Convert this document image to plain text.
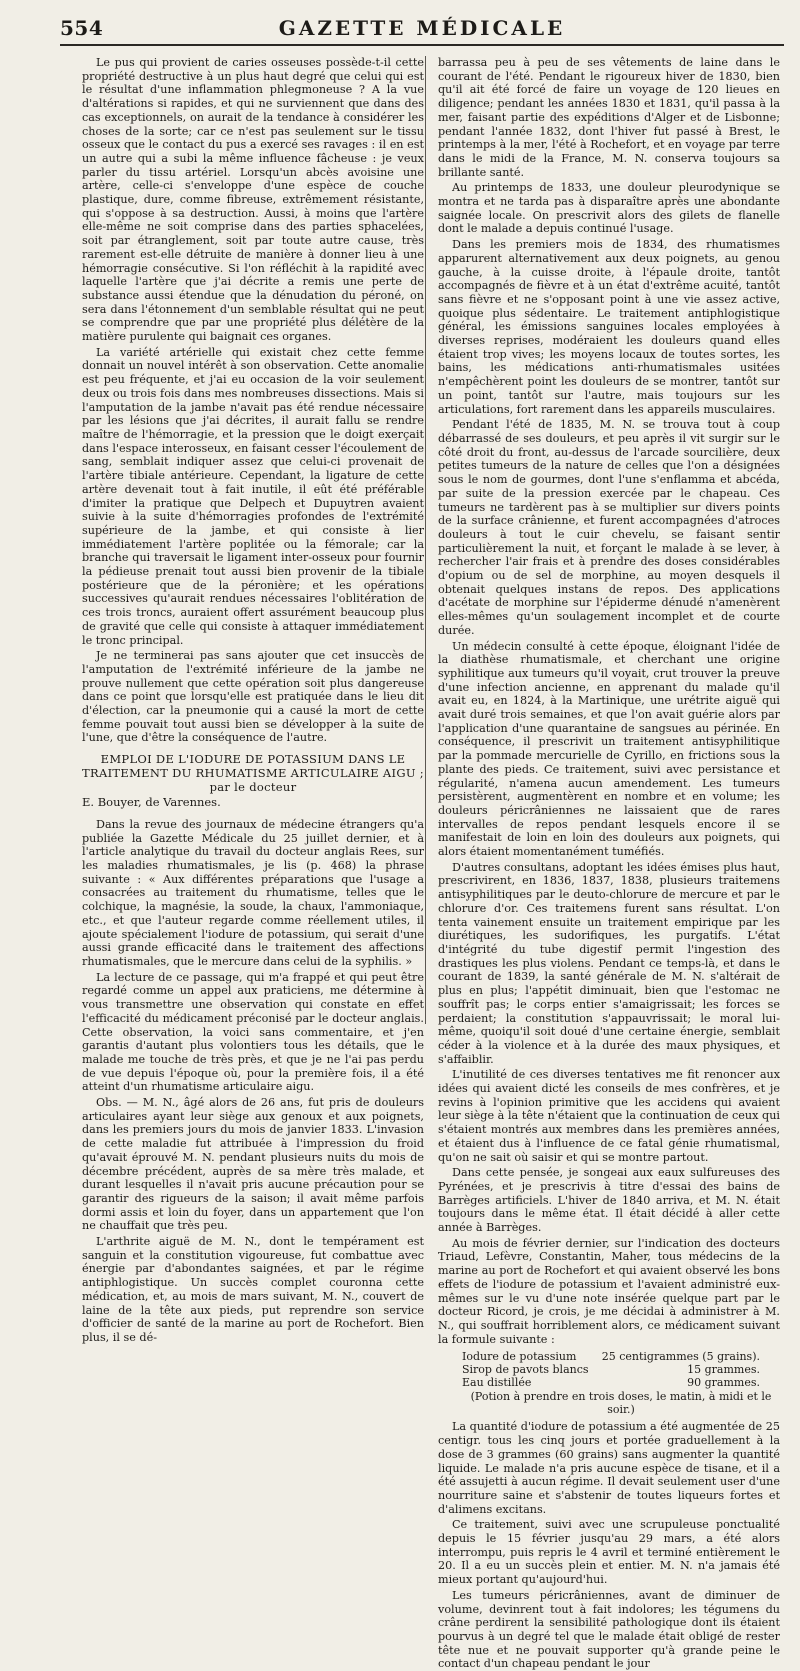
554	GAZETTE MÉDICALE

Le pus qui provient de caries osseuses possède-t-il cette propriété destructive à un plus haut degré que celui qui est le résultat d'une inflammation phlegmoneuse ? A la vue d'altérations si rapides, et qui ne surviennent que dans des cas exceptionnels, on aurait de la tendance à considérer les choses de la sorte; car ce n'est pas seulement sur le tissu osseux que le contact du pus a exercé ses ravages : il en est un autre qui a subi la même influence fâcheuse : je veux parler du tissu artériel. Lorsqu'un abcès avoisine une artère, celle-ci s'enveloppe d'une espèce de couche plastique, dure, comme fibreuse, extrêmement résistante, qui s'oppose à sa destruction. Aussi, à moins que l'artère elle-même ne soit comprise dans des parties sphacelées, soit par étranglement, soit par toute autre cause, très rarement est-elle détruite de manière à donner lieu à une hémorragie consécutive. Si l'on réfléchit à la rapidité avec laquelle l'artère que j'ai décrite a remis une perte de substance aussi étendue que la dénudation du péroné, on sera dans l'étonnement d'un semblable résultat qui ne peut se comprendre que par une propriété plus délétère de la matière purulente qui baignait ces organes.

La variété artérielle qui existait chez cette femme donnait un nouvel intérêt à son observation. Cette anomalie est peu fréquente, et j'ai eu occasion de la voir seulement deux ou trois fois dans mes nombreuses dissections. Mais si l'amputation de la jambe n'avait pas été rendue nécessaire par les lésions que j'ai décrites, il aurait fallu se rendre maître de l'hémorragie, et la pression que le doigt exerçait dans l'espace interosseux, en faisant cesser l'écoulement de sang, semblait indiquer assez que celui-ci provenait de l'artère tibiale antérieure. Cependant, la ligature de cette artère devenait tout à fait inutile, il eût été préférable d'imiter la pratique que Delpech et Dupuytren avaient suivie à la suite d'hémorragies profondes de l'extrémité supérieure de la jambe, et qui consiste à lier immédiatement l'artère poplitée ou la fémorale; car la branche qui traversait le ligament inter-osseux pour fournir la pédieuse prenait tout aussi bien provenir de la tibiale postérieure que de la péronière; et les opérations successives qu'aurait rendues nécessaires l'oblitération de ces trois troncs, auraient offert assurément beaucoup plus de gravité que celle qui consiste à attaquer immédiatement le tronc principal.

Je ne terminerai pas sans ajouter que cet insuccès de l'amputation de l'extrémité inférieure de la jambe ne prouve nullement que cette opération soit plus dangereuse dans ce point que lorsqu'elle est pratiquée dans le lieu dit d'élection, car la pneumonie qui a causé la mort de cette femme pouvait tout aussi bien se développer à la suite de l'une, que d'être la conséquence de l'autre.

EMPLOI DE L'IODURE DE POTASSIUM DANS LE TRAITEMENT DU RHUMATISME ARTICULAIRE AIGU ; par le docteur
E. Bouyer, de Varennes.

Dans la revue des journaux de médecine étrangers qu'a publiée la Gazette Médicale du 25 juillet dernier, et à l'article analytique du travail du docteur anglais Rees, sur les maladies rhumatismales, je lis (p. 468) la phrase suivante : « Aux différentes préparations que l'usage a consacrées au traitement du rhumatisme, telles que le colchique, la magnésie, la soude, la chaux, l'ammoniaque, etc., et que l'auteur regarde comme réellement utiles, il ajoute spécialement l'iodure de potassium, qui serait d'une aussi grande efficacité dans le traitement des affections rhumatismales, que le mercure dans celui de la syphilis. »

La lecture de ce passage, qui m'a frappé et qui peut être regardé comme un appel aux praticiens, me détermine à vous transmettre une observation qui constate en effet l'efficacité du médicament préconisé par le docteur anglais. Cette observation, la voici sans commentaire, et j'en garantis d'autant plus volontiers tous les détails, que le malade me touche de très près, et que je ne l'ai pas perdu de vue depuis l'époque où, pour la première fois, il a été atteint d'un rhumatisme articulaire aigu.

Obs. — M. N., âgé alors de 26 ans, fut pris de douleurs articulaires ayant leur siège aux genoux et aux poignets, dans les premiers jours du mois de janvier 1833. L'invasion de cette maladie fut attribuée à l'impression du froid qu'avait éprouvé M. N. pendant plusieurs nuits du mois de décembre précédent, auprès de sa mère très malade, et durant lesquelles il n'avait pris aucune précaution pour se garantir des rigueurs de la saison; il avait même parfois dormi assis et loin du foyer, dans un appartement que l'on ne chauffait que très peu.

L'arthrite aiguë de M. N., dont le tempérament est sanguin et la constitution vigoureuse, fut combattue avec énergie par d'abondantes saignées, et par le régime antiphlogistique. Un succès complet couronna cette médication, et, au mois de mars suivant, M. N., couvert de laine de la tête aux pieds, put reprendre son service d'officier de santé de la marine au port de Rochefort. Bien plus, il se dé-

barrassa peu à peu de ses vêtements de laine dans le courant de l'été. Pendant le rigoureux hiver de 1830, bien qu'il ait été forcé de faire un voyage de 120 lieues en diligence; pendant les années 1830 et 1831, qu'il passa à la mer, faisant partie des expéditions d'Alger et de Lisbonne; pendant l'année 1832, dont l'hiver fut passé à Brest, le printemps à la mer, l'été à Rochefort, et en voyage par terre dans le midi de la France, M. N. conserva toujours sa brillante santé.

Au printemps de 1833, une douleur pleurodynique se montra et ne tarda pas à disparaître après une abondante saignée locale. On prescrivit alors des gilets de flanelle dont le malade a depuis continué l'usage.

Dans les premiers mois de 1834, des rhumatismes apparurent alternativement aux deux poignets, au genou gauche, à la cuisse droite, à l'épaule droite, tantôt accompagnés de fièvre et à un état d'extrême acuité, tantôt sans fièvre et ne s'opposant point à une vie assez active, quoique plus sédentaire. Le traitement antiphlogistique général, les émissions sanguines locales employées à diverses reprises, modéraient les douleurs quand elles étaient trop vives; les moyens locaux de toutes sortes, les bains, les médications anti-rhumatismales usitées n'empêchèrent point les douleurs de se montrer, tantôt sur un point, tantôt sur l'autre, mais toujours sur les articulations, fort rarement dans les appareils musculaires.

Pendant l'été de 1835, M. N. se trouva tout à coup débarrassé de ses douleurs, et peu après il vit surgir sur le côté droit du front, au-dessus de l'arcade sourcilière, deux petites tumeurs de la nature de celles que l'on a désignées sous le nom de gourmes, dont l'une s'enflamma et abcéda, par suite de la pression exercée par le chapeau. Ces tumeurs ne tardèrent pas à se multiplier sur divers points de la surface crânienne, et furent accompagnées d'atroces douleurs à tout le cuir chevelu, se faisant sentir particulièrement la nuit, et forçant le malade à se lever, à rechercher l'air frais et à prendre des doses considérables d'opium ou de sel de morphine, au moyen desquels il obtenait quelques instans de repos. Des applications d'acétate de morphine sur l'épiderme dénudé n'amenèrent elles-mêmes qu'un soulagement incomplet et de courte durée.

Un médecin consulté à cette époque, éloignant l'idée de la diathèse rhumatismale, et cherchant une origine syphilitique aux tumeurs qu'il voyait, crut trouver la preuve d'une infection ancienne, en apprenant du malade qu'il avait eu, en 1824, à la Martinique, une urétrite aiguë qui avait duré trois semaines, et que l'on avait guérie alors par l'application d'une quarantaine de sangsues au périnée. En conséquence, il prescrivit un traitement antisyphilitique par la pommade mercurielle de Cyrillo, en frictions sous la plante des pieds. Ce traitement, suivi avec persistance et régularité, n'amena aucun amendement. Les tumeurs persistèrent, augmentèrent en nombre et en volume; les douleurs péricrâniennes ne laissaient que de rares intervalles de repos pendant lesquels encore il se manifestait de loin en loin des douleurs aux poignets, qui alors étaient momentanément tuméfiés.

D'autres consultans, adoptant les idées émises plus haut, prescrivirent, en 1836, 1837, 1838, plusieurs traitemens antisyphilitiques par le deuto-chlorure de mercure et par le chlorure d'or. Ces traitemens furent sans résultat. L'on tenta vainement ensuite un traitement empirique par les diurétiques, les sudorifiques, les purgatifs. L'état d'intégrité du tube digestif permit l'ingestion des drastiques les plus violens. Pendant ce temps-là, et dans le courant de 1839, la santé générale de M. N. s'altérait de plus en plus; l'appétit diminuait, bien que l'estomac ne souffrît pas; le corps entier s'amaigrissait; les forces se perdaient; la constitution s'appauvrissait; le moral lui-même, quoiqu'il soit doué d'une certaine énergie, semblait céder à la violence et à la durée des maux physiques, et s'affaiblir.

L'inutilité de ces diverses tentatives me fit renoncer aux idées qui avaient dicté les conseils de mes confrères, et je revins à l'opinion primitive que les accidens qui avaient leur siège à la tête n'étaient que la continuation de ceux qui s'étaient montrés aux membres dans les premières années, et étaient dus à l'influence de ce fatal génie rhumatismal, qu'on ne sait où saisir et qui se montre partout.

Dans cette pensée, je songeai aux eaux sulfureuses des Pyrénées, et je prescrivis à titre d'essai des bains de Barrèges artificiels. L'hiver de 1840 arriva, et M. N. était toujours dans le même état. Il était décidé à aller cette année à Barrèges.

Au mois de février dernier, sur l'indication des docteurs Triaud, Lefèvre, Constantin, Maher, tous médecins de la marine au port de Rochefort et qui avaient observé les bons effets de l'iodure de potassium et l'avaient administré eux-mêmes sur le vu d'une note insérée quelque part par le docteur Ricord, je crois, je me décidai à administrer à M. N., qui souffrait horriblement alors, ce médicament suivant la formule suivante :

Iodure de potassium 25 centigrammes (5 grains).
Sirop de pavots blancs	15 grammes.
Eau distillée	90 grammes.
(Potion à prendre en trois doses, le matin, à midi et le soir.)

La quantité d'iodure de potassium a été augmentée de 25 centigr. tous les cinq jours et portée graduellement à la dose de 3 grammes (60 grains) sans augmenter la quantité liquide. Le malade n'a pris aucune espèce de tisane, et il a été assujetti à aucun régime. Il devait seulement user d'une nourriture saine et s'abstenir de toutes liqueurs fortes et d'alimens excitans.

Ce traitement, suivi avec une scrupuleuse ponctualité depuis le 15 février jusqu'au 29 mars, a été alors interrompu, puis repris le 4 avril et terminé entièrement le 20. Il a eu un succès plein et entier. M. N. n'a jamais été mieux portant qu'aujourd'hui.

Les tumeurs péricrâniennes, avant de diminuer de volume, devinrent tout à fait indolores; les tégumens du crâne perdirent la sensibilité pathologique dont ils étaient pourvus à un degré tel que le malade était obligé de rester tête nue et ne pouvait supporter qu'à grande peine le contact d'un chapeau pendant le jour
